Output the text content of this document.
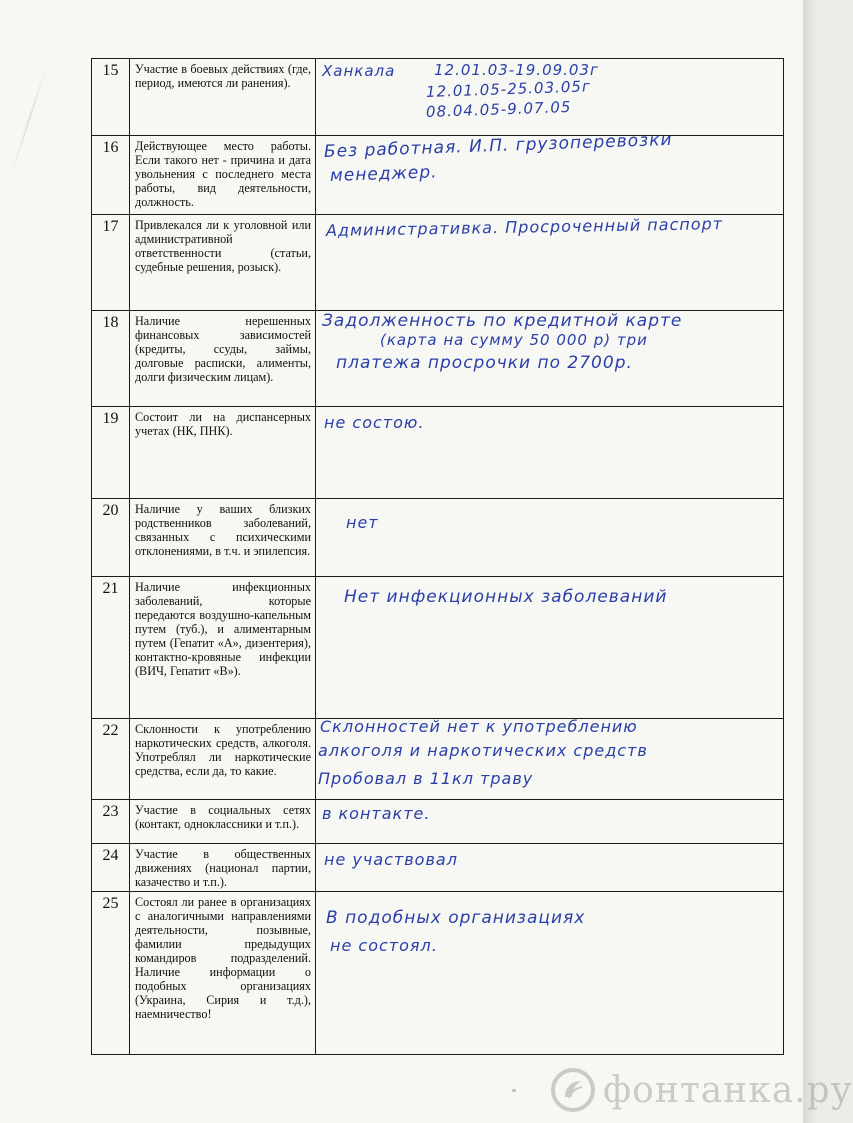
15	Участие в боевых действиях (где, период, имеются ли ранения).	Ханкала 12.01.03-19.09.03г
12.01.05-25.03.05г
08.04.05-9.07.05

16	Действующее место работы. Если такого нет - причина и дата увольнения с последнего места работы, вид деятельности, должность.	Без работная. И.П. грузоперевозки
менеджер.

17	Привлекался ли к уголовной или административной ответственности (статьи, судебные решения, розыск).	Административка. Просроченный паспорт

18	Наличие нерешенных финансовых зависимостей (кредиты, ссуды, займы, долговые расписки, алименты, долги физическим лицам).	Задолженность по кредитной карте
(карта на сумму 50 000 р) три
платежа просрочки по 2700р.

19	Состоит ли на диспансерных учетах (НК, ПНК).	не состою.

20	Наличие у ваших близких родственников заболеваний, связанных с психическими отклонениями, в т.ч. и эпилепсия.	нет

21	Наличие инфекционных заболеваний, которые передаются воздушно-капельным путем (туб.), и алиментарным путем (Гепатит «А», дизентерия), контактно-кровяные инфекции (ВИЧ, Гепатит «В»).	Нет инфекционных заболеваний

22	Склонности к употреблению наркотических средств, алкоголя. Употреблял ли наркотические средства, если да, то какие.	Склонностей нет к употреблению
алкоголя и наркотических средств
Пробовал в 11кл траву

23	Участие в социальных сетях (контакт, одноклассники и т.п.).	в контакте.

24	Участие в общественных движениях (национал партии, казачество и т.п.).	не участвовал

25	Состоял ли ранее в организациях с аналогичными направлениями деятельности, позывные, фамилии предыдущих командиров подразделений. Наличие информации о подобных организациях (Украина, Сирия и т.д.), наемничество!	В подобных организациях
не состоял.
фонтанка.ру
